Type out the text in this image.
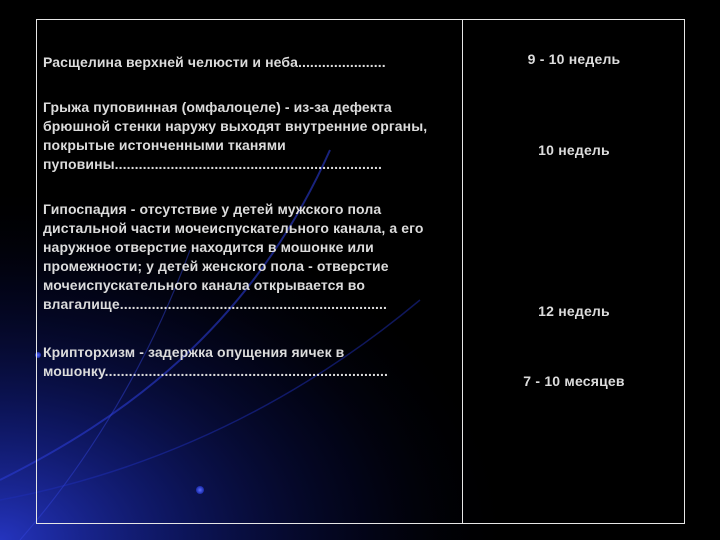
Расщелина верхней челюсти и неба......................	9 - 10 недель

Грыжа пуповинная (омфалоцеле) - из-за дефекта брюшной стенки наружу выходят внутренние органы, покрытые истонченными тканями пуповины...................................................................

10 недель

Гипоспадия - отсутствие у детей мужского пола дистальной части мочеиспускательного канала, а его наружное отверстие находится в мошонке или промежности; у детей женского пола - отверстие мочеиспускательного канала открывается во влагалище...................................................................	12 недель

Крипторхизм - задержка опущения яичек в мошонку.......................................................................

7 - 10 месяцев
